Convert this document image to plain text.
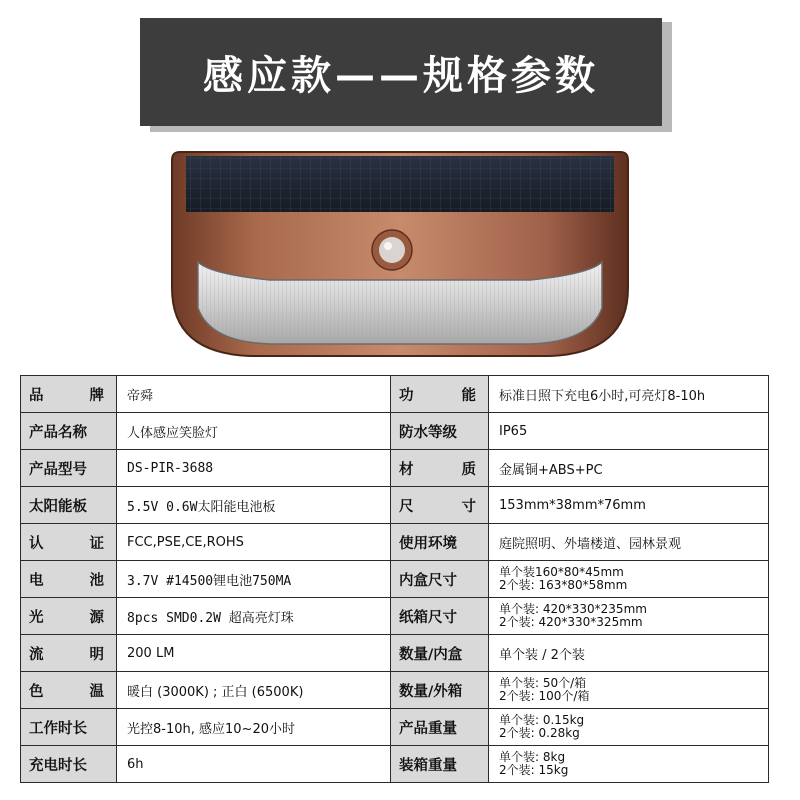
感应款——规格参数
品　　牌	帝舜	功　　能	标准日照下充电6小时,可亮灯8-10h
产品名称	人体感应笑脸灯	防水等级	IP65
产品型号	DS-PIR-3688	材　　质	金属铜+ABS+PC
太阳能板	5.5V 0.6W太阳能电池板	尺　　寸	153mm*38mm*76mm
认　　证	FCC,PSE,CE,ROHS	使用环境	庭院照明、外墙楼道、园林景观
电　　池	3.7V #14500锂电池750MA	内盒尺寸	单个装160*80*45mm
2个装: 163*80*58mm

光　　源	8pcs SMD0.2W 超高亮灯珠	纸箱尺寸	单个装: 420*330*235mm
2个装: 420*330*325mm

流　　明	200 LM	数量/内盒	单个装 / 2个装
色　　温	暖白 (3000K) ; 正白 (6500K)	数量/外箱	单个装: 50个/箱
2个装: 100个/箱

工作时长	光控8-10h, 感应10~20小时	产品重量	单个装: 0.15kg
2个装: 0.28kg

充电时长	6h	装箱重量	单个装: 8kg
2个装: 15kg
